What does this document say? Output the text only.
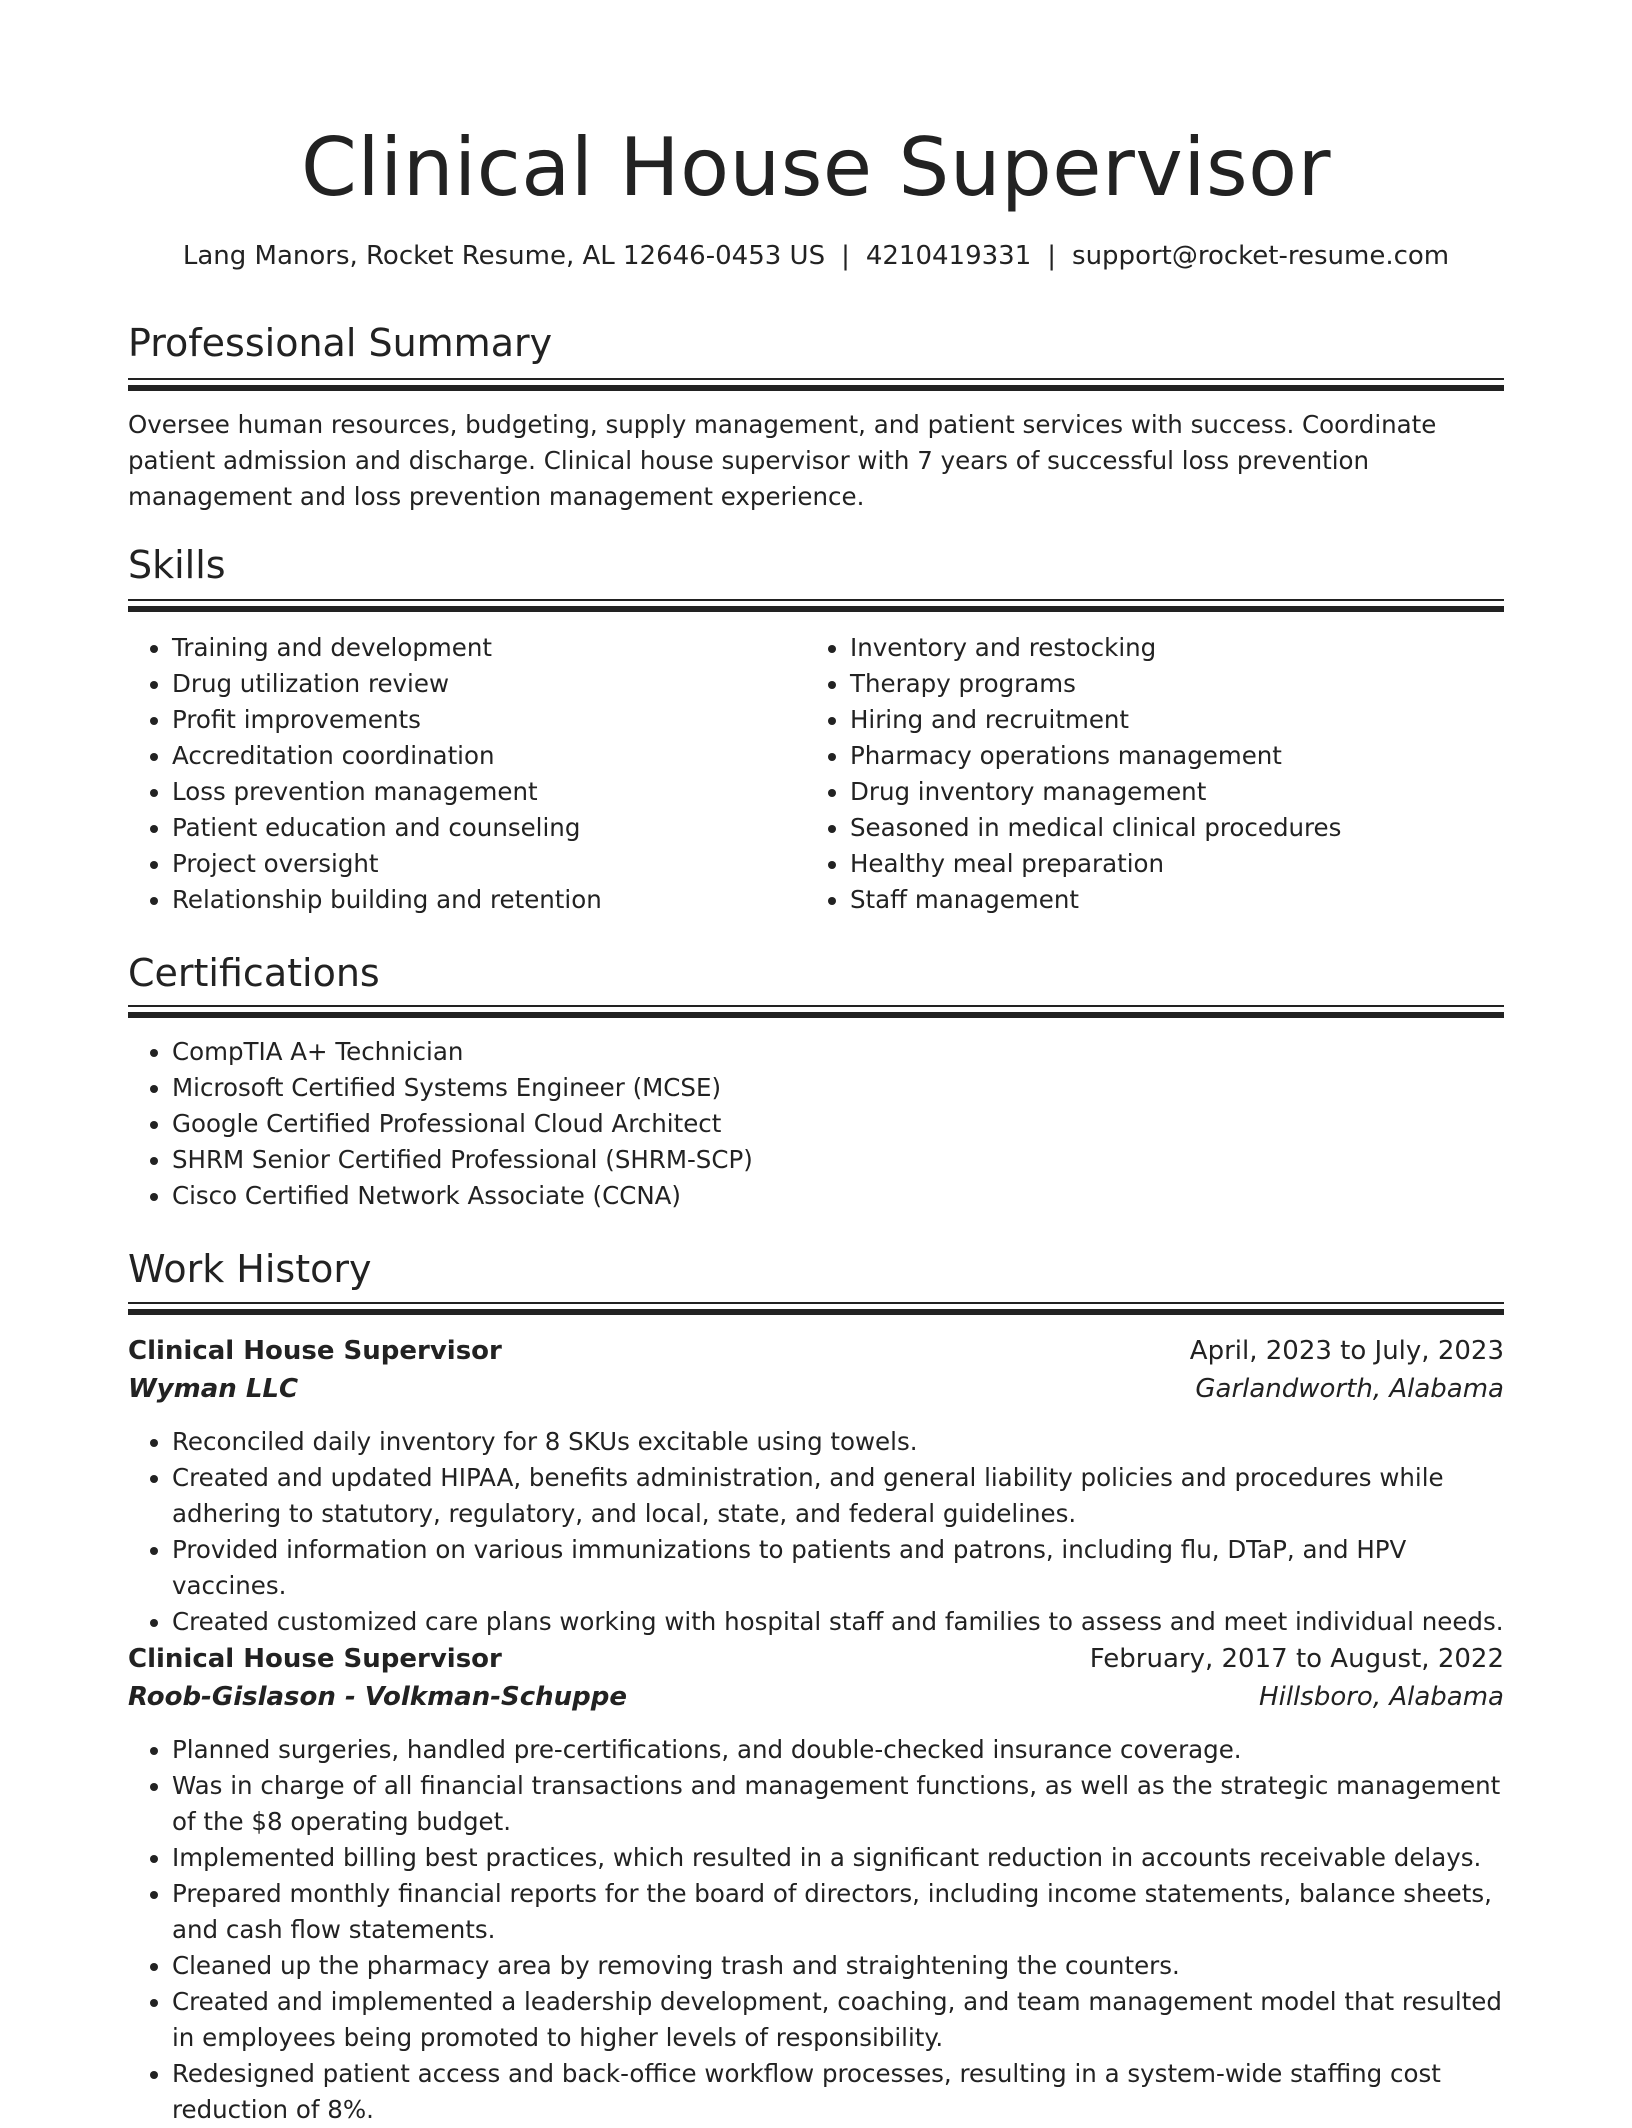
Clinical House Supervisor
Lang Manors, Rocket Resume, AL 12646-0453 US | 4210419331 | support@rocket-resume.com
Professional Summary

Oversee human resources, budgeting, supply management, and patient services with success. Coordinate patient admission and discharge. Clinical house supervisor with 7 years of successful loss prevention management and loss prevention management experience.

Skills
• Training and development
• Drug utilization review
• Profit improvements
• Accreditation coordination
• Loss prevention management
• Patient education and counseling
• Project oversight
• Relationship building and retention
• Inventory and restocking
• Therapy programs
• Hiring and recruitment
• Pharmacy operations management
• Drug inventory management
• Seasoned in medical clinical procedures
• Healthy meal preparation
• Staff management
Certifications
• CompTIA A+ Technician
• Microsoft Certified Systems Engineer (MCSE)
• Google Certified Professional Cloud Architect
• SHRM Senior Certified Professional (SHRM-SCP)
• Cisco Certified Network Associate (CCNA)
Work History
Clinical House Supervisor	April, 2023 to July, 2023
Wyman LLC	Garlandworth, Alabama
• Reconciled daily inventory for 8 SKUs excitable using towels.
• Created and updated HIPAA, benefits administration, and general liability policies and procedures while adhering to statutory, regulatory, and local, state, and federal guidelines.
• Provided information on various immunizations to patients and patrons, including flu, DTaP, and HPV vaccines.
• Created customized care plans working with hospital staff and families to assess and meet individual needs.
Clinical House Supervisor	February, 2017 to August, 2022
Roob-Gislason - Volkman-Schuppe	Hillsboro, Alabama
• Planned surgeries, handled pre-certifications, and double-checked insurance coverage.
• Was in charge of all financial transactions and management functions, as well as the strategic management of the $8 operating budget.
• Implemented billing best practices, which resulted in a significant reduction in accounts receivable delays.
• Prepared monthly financial reports for the board of directors, including income statements, balance sheets, and cash flow statements.
• Cleaned up the pharmacy area by removing trash and straightening the counters.
• Created and implemented a leadership development, coaching, and team management model that resulted in employees being promoted to higher levels of responsibility.
• Redesigned patient access and back-office workflow processes, resulting in a system-wide staffing cost reduction of 8%.
